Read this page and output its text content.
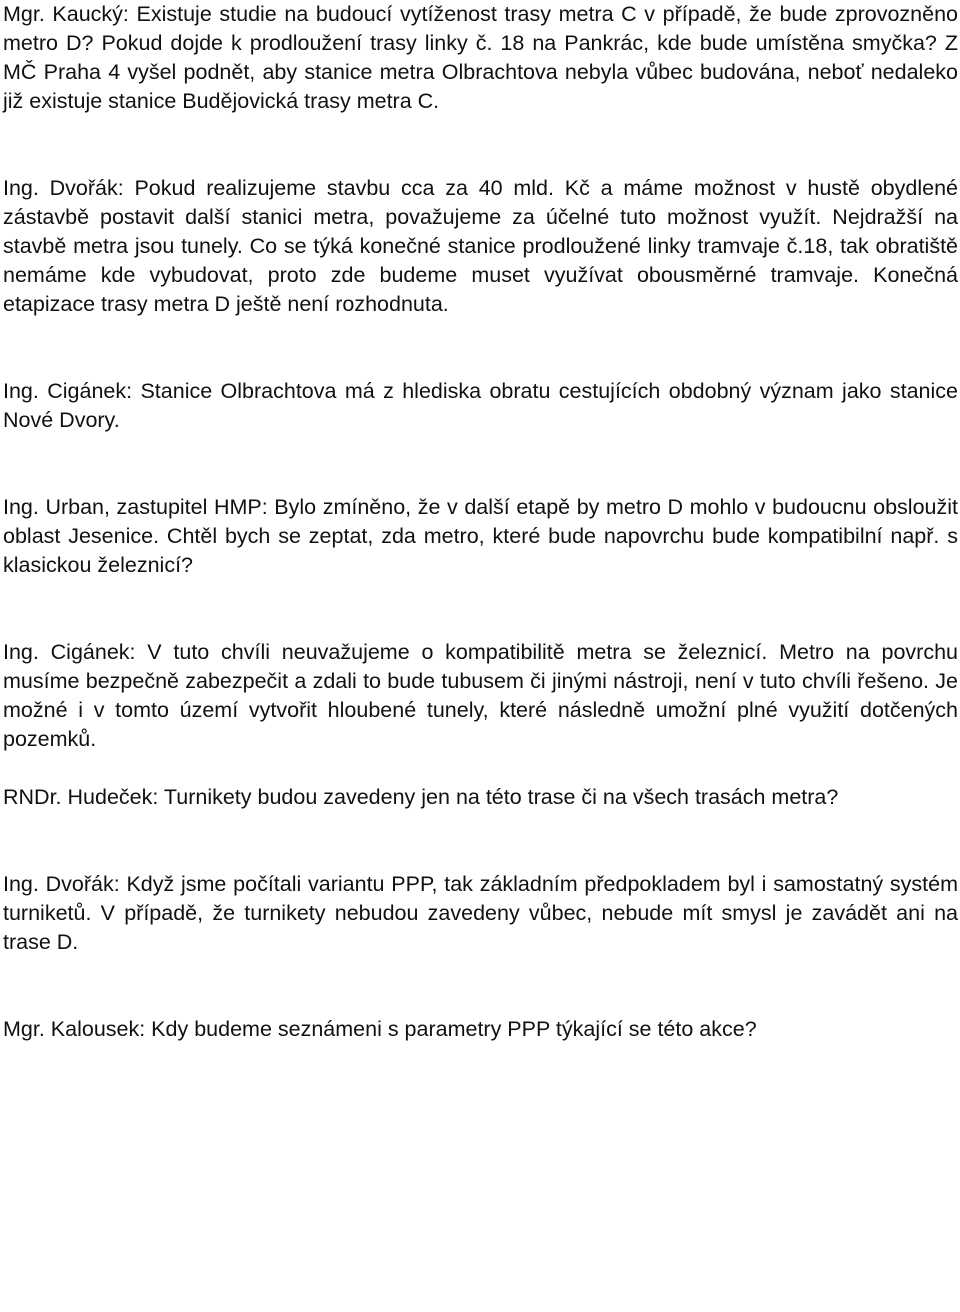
Mgr. Kaucký: Existuje studie na budoucí vytíženost trasy metra C v případě, že bude zprovozněno metro D? Pokud dojde k prodloužení trasy linky č. 18 na Pankrác, kde bude umístěna smyčka? Z MČ Praha 4 vyšel podnět, aby stanice metra Olbrachtova nebyla vůbec budována, neboť nedaleko již existuje stanice Budějovická trasy metra C.

Ing. Dvořák: Pokud realizujeme stavbu cca za 40 mld. Kč a máme možnost v hustě obydlené zástavbě postavit další stanici metra, považujeme za účelné tuto možnost využít. Nejdražší na stavbě metra jsou tunely. Co se týká konečné stanice prodloužené linky tramvaje č.18, tak obratiště nemáme kde vybudovat, proto zde budeme muset využívat obousměrné tramvaje. Konečná etapizace trasy metra D ještě není rozhodnuta.

Ing. Cigánek: Stanice Olbrachtova má z hlediska obratu cestujících obdobný význam jako stanice Nové Dvory.

Ing. Urban, zastupitel HMP: Bylo zmíněno, že v další etapě by metro D mohlo v budoucnu obsloužit oblast Jesenice. Chtěl bych se zeptat, zda metro, které bude napovrchu bude kompatibilní např. s klasickou železnicí?

Ing. Cigánek: V tuto chvíli neuvažujeme o kompatibilitě metra se železnicí. Metro na povrchu musíme bezpečně zabezpečit a zdali to bude tubusem či jinými nástroji, není v tuto chvíli řešeno. Je možné i v tomto území vytvořit hloubené tunely, které následně umožní plné využití dotčených pozemků.

RNDr. Hudeček: Turnikety budou zavedeny jen na této trase či na všech trasách metra?

Ing. Dvořák: Když jsme počítali variantu PPP, tak základním předpokladem byl i samostatný systém turniketů. V případě, že turnikety nebudou zavedeny vůbec, nebude mít smysl je zavádět ani na trase D.

Mgr. Kalousek: Kdy budeme seznámeni s parametry PPP týkající se této akce?
